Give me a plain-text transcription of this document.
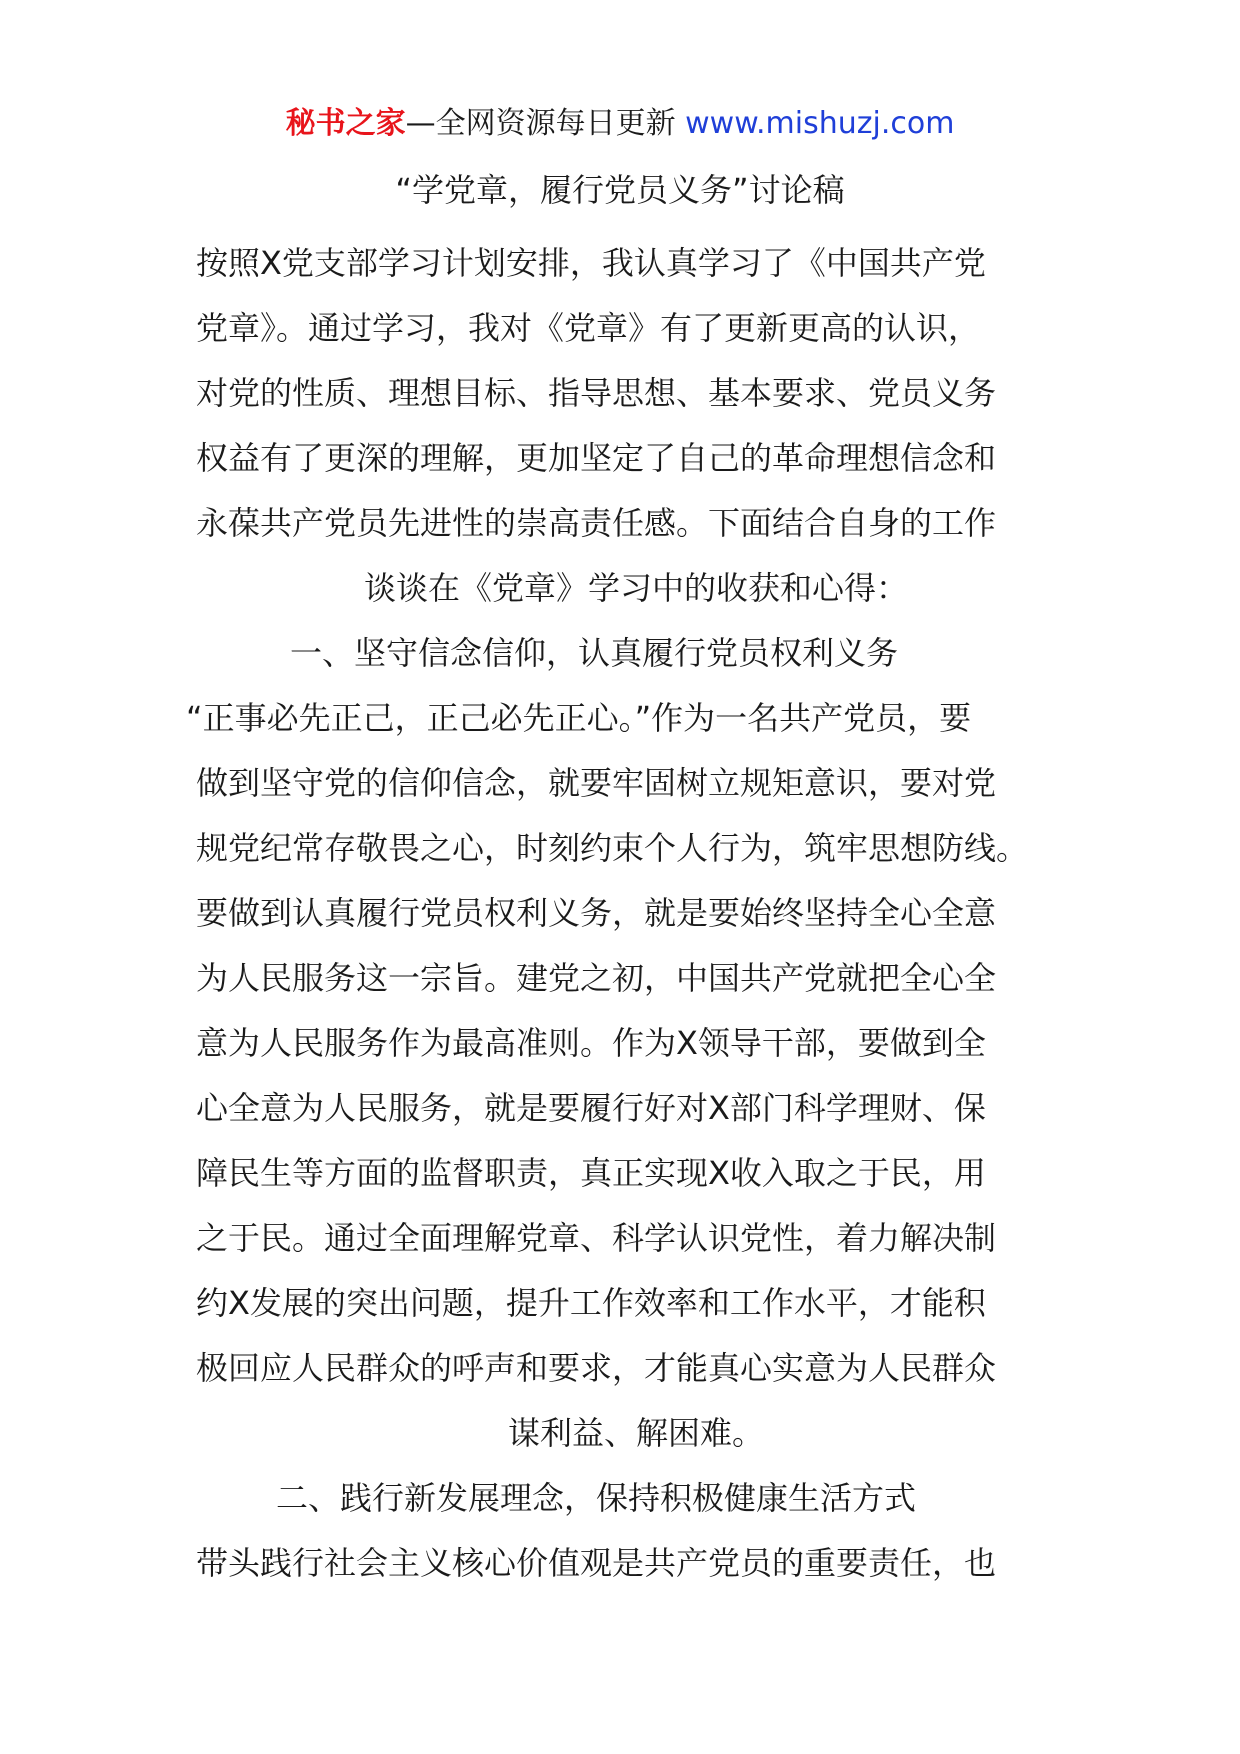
秘书之家—全网资源每日更新 www.mishuzj.com
“学党章，履行党员义务”讨论稿
按照X党支部学习计划安排，我认真学习了《中国共产党
党章》。通过学习，我对《党章》有了更新更高的认识，
对党的性质、理想目标、指导思想、基本要求、党员义务
权益有了更深的理解，更加坚定了自己的革命理想信念和
永葆共产党员先进性的崇高责任感。下面结合自身的工作
谈谈在《党章》学习中的收获和心得：
一、坚守信念信仰，认真履行党员权利义务
“正事必先正己，正己必先正心。”作为一名共产党员，要
做到坚守党的信仰信念，就要牢固树立规矩意识，要对党
规党纪常存敬畏之心，时刻约束个人行为，筑牢思想防线。
要做到认真履行党员权利义务，就是要始终坚持全心全意
为人民服务这一宗旨。建党之初，中国共产党就把全心全
意为人民服务作为最高准则。作为X领导干部，要做到全
心全意为人民服务，就是要履行好对X部门科学理财、保
障民生等方面的监督职责，真正实现X收入取之于民，用
之于民。通过全面理解党章、科学认识党性，着力解决制
约X发展的突出问题，提升工作效率和工作水平，才能积
极回应人民群众的呼声和要求，才能真心实意为人民群众
谋利益、解困难。
二、践行新发展理念，保持积极健康生活方式
带头践行社会主义核心价值观是共产党员的重要责任，也
